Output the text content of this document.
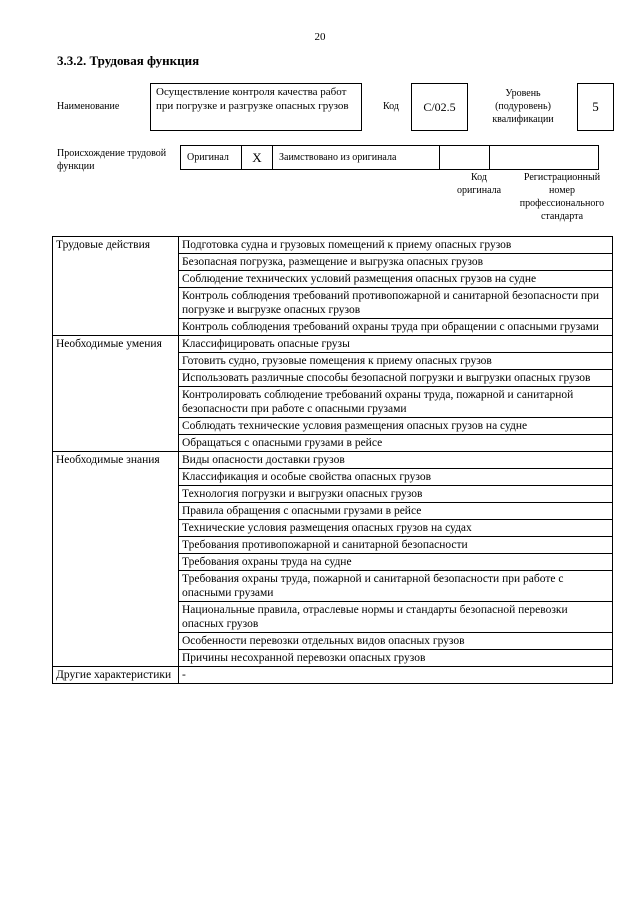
20
3.3.2. Трудовая функция
Наименование
Осуществление контроля качества работ при погрузке и разгрузке опасных грузов	Код	C/02.5
Уровень (подуровень) квалификации
5
Происхождение трудовой функции
Оригинал	X	Заимствовано из оригинала		
Код оригинала
Регистрационный номер профессионального стандарта
Трудовые действия	Подготовка судна и грузовых помещений к приему опасных грузов
	Безопасная погрузка, размещение и выгрузка опасных грузов
	Соблюдение технических условий размещения опасных грузов на судне
	Контроль соблюдения требований противопожарной и санитарной безопасности при погрузке и выгрузке опасных грузов
	Контроль соблюдения требований охраны труда при обращении с опасными грузами
Необходимые умения	Классифицировать опасные грузы
	Готовить судно, грузовые помещения к приему опасных грузов
	Использовать различные способы безопасной погрузки и выгрузки опасных грузов
	Контролировать соблюдение требований охраны труда, пожарной и санитарной безопасности при работе с опасными грузами
	Соблюдать технические условия размещения опасных грузов на судне
	Обращаться с опасными грузами в рейсе
Необходимые знания	Виды опасности доставки грузов
	Классификация и особые свойства опасных грузов
	Технология погрузки и выгрузки опасных грузов
	Правила обращения с опасными грузами в рейсе
	Технические условия размещения опасных грузов на судах
	Требования противопожарной и санитарной безопасности
	Требования охраны труда на судне
	Требования охраны труда, пожарной и санитарной безопасности при работе с опасными грузами
	Национальные правила, отраслевые нормы и стандарты безопасной перевозки опасных грузов
	Особенности перевозки отдельных видов опасных грузов
	Причины несохранной перевозки опасных грузов
Другие характеристики	-
